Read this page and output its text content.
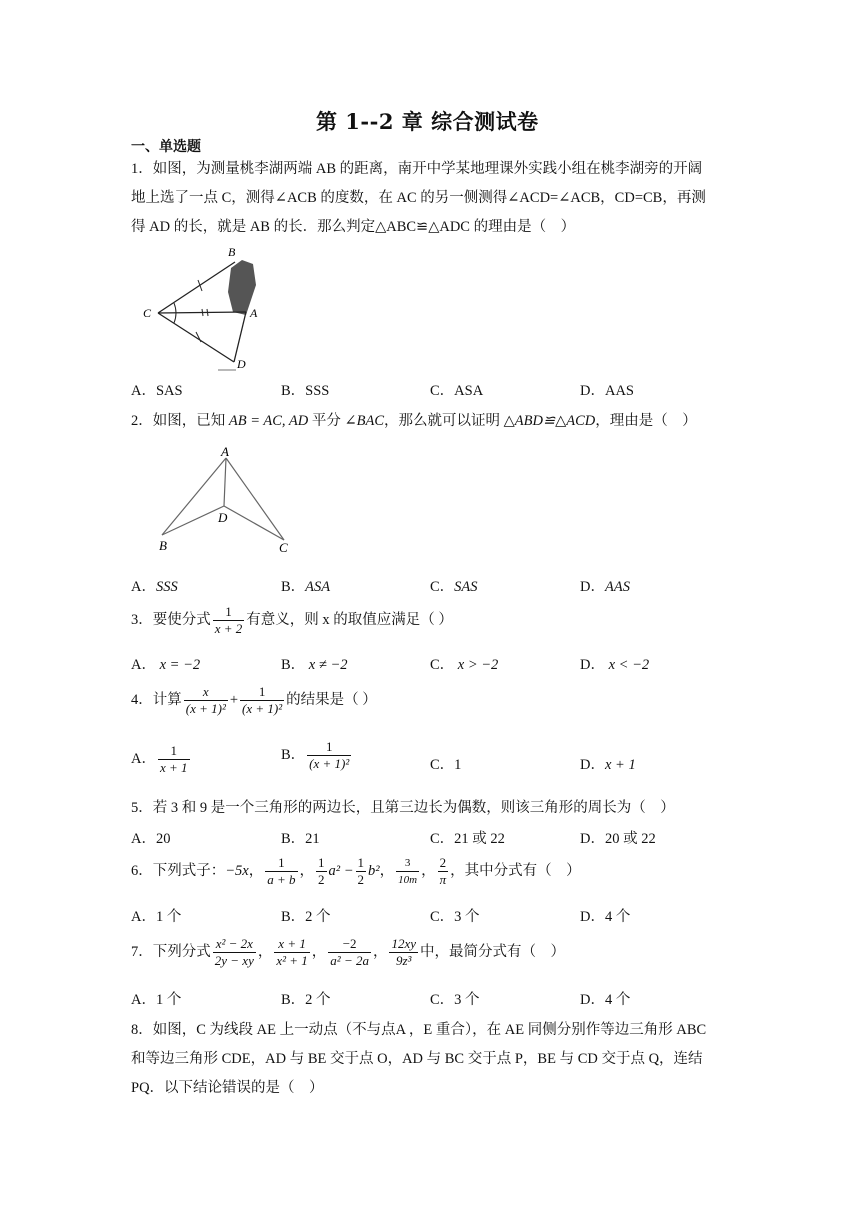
第 1--2 章 综合测试卷
一、单选题
1．如图，为测量桃李湖两端 AB 的距离，南开中学某地理课外实践小组在桃李湖旁的开阔
地上选了一点 C，测得∠ACB 的度数，在 AC 的另一侧测得∠ACD=∠ACB，CD=CB，再测
得 AD 的长，就是 AB 的长．那么判定△ABC≌△ADC 的理由是（　）
B
C	A
D
A．SAS	B．SSS	C．ASA	D．AAS
2．如图，已知 AB = AC, AD 平分 ∠BAC，那么就可以证明 △ABD≌△ACD，理由是（　）
A
D
B	C
A．SSS	B．ASA	C．SAS	D．AAS
3．要使分式 $\frac{1}{x + 2}$ 有意义，则 x 的取值应满足（ ）
A． x = −2	B． x ≠ −2	C． x > −2	D． x < −2
4．计算 $\frac{x}{\text{(x + 1)²}} + \frac{1}{\text{(x + 1)²}}$ 的结果是（ ）
A． $\frac{1}{x + 1}$	B． $\frac{1}{\text{(x + 1)²}}$	C．1	D．x + 1
5．若 3 和 9 是一个三角形的两边长，且第三边长为偶数，则该三角形的周长为（　）
A．20	B．21	C．21 或 22	D．20 或 22
6．下列式子：−5x， $\frac{1}{a + b}$ ， $\frac{1}{2} a^2 - \frac{1}{2} b^2$， $\frac{3}{10m}$ ， $\frac{2}{\pi}$ ，其中分式有（　）
A．1 个	B．2 个	C．3 个	D．4 个
7．下列分式 $\frac{\text{x² − 2x}}{2y - xy}$ ， $\frac{x + 1}{\text{x² + 1}}$ ， $\frac{-2}{\text{a² − 2a}}$ ， $\frac{12xy}{\text{9z³}}$ 中，最简分式有（　）
A．1 个	B．2 个	C．3 个	D．4 个
8．如图，C 为线段 AE 上一动点（不与点A ，E 重合），在 AE 同侧分别作等边三角形 ABC
和等边三角形 CDE，AD 与 BE 交于点 O，AD 与 BC 交于点 P，BE 与 CD 交于点 Q，连结
PQ．以下结论错误的是（　）
